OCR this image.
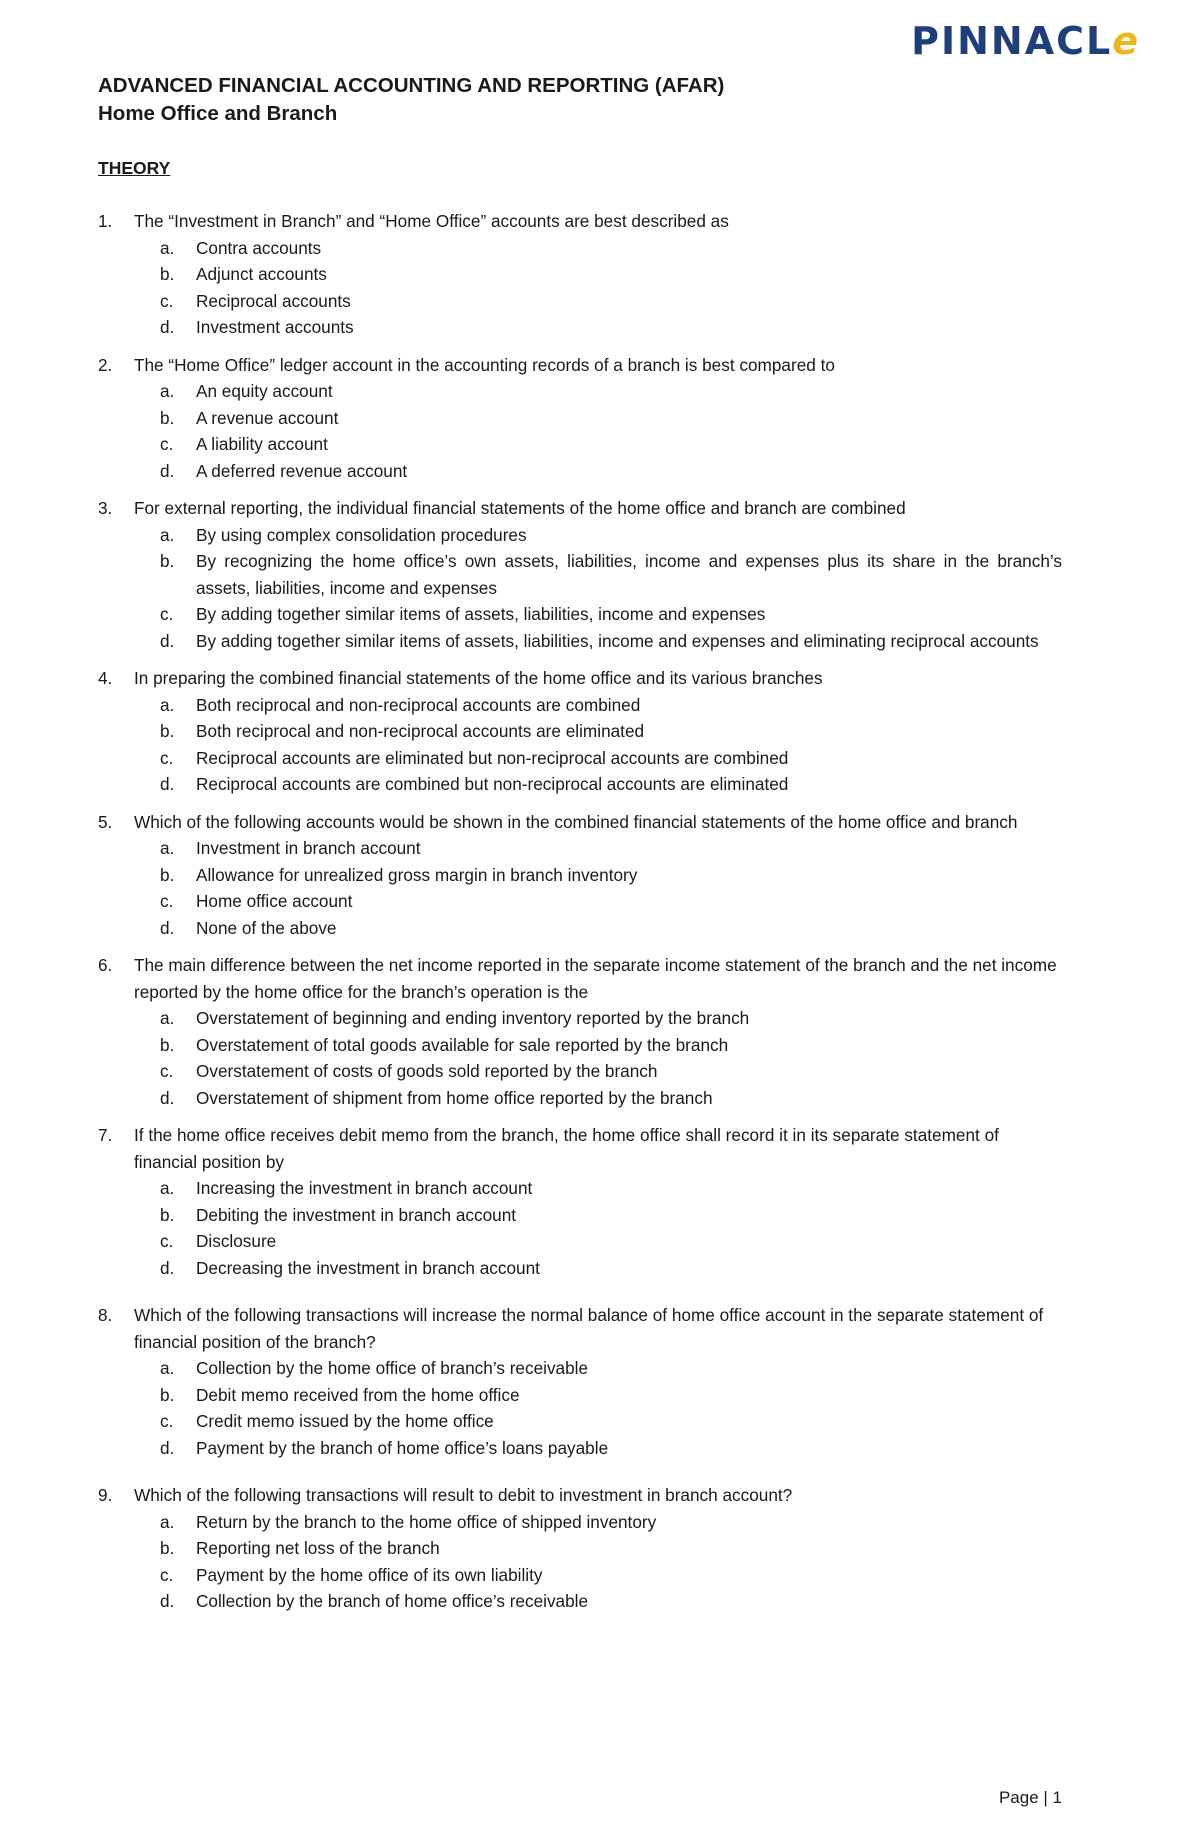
PINNACLe
ADVANCED FINANCIAL ACCOUNTING AND REPORTING (AFAR)
Home Office and Branch
THEORY
1.	The “Investment in Branch” and “Home Office” accounts are best described as
a.	Contra accounts
b.	Adjunct accounts
c.	Reciprocal accounts
d.	Investment accounts
2.	The “Home Office” ledger account in the accounting records of a branch is best compared to
a.	An equity account
b.	A revenue account
c.	A liability account
d.	A deferred revenue account
3.	For external reporting, the individual financial statements of the home office and branch are combined
a.	By using complex consolidation procedures
b.	By recognizing the home office’s own assets, liabilities, income and expenses plus its share in the branch’s assets, liabilities, income and expenses
c.	By adding together similar items of assets, liabilities, income and expenses
d.	By adding together similar items of assets, liabilities, income and expenses and eliminating reciprocal accounts
4.	In preparing the combined financial statements of the home office and its various branches
a.	Both reciprocal and non-reciprocal accounts are combined
b.	Both reciprocal and non-reciprocal accounts are eliminated
c.	Reciprocal accounts are eliminated but non-reciprocal accounts are combined
d.	Reciprocal accounts are combined but non-reciprocal accounts are eliminated
5.	Which of the following accounts would be shown in the combined financial statements of the home office and branch
a.	Investment in branch account
b.	Allowance for unrealized gross margin in branch inventory
c.	Home office account
d.	None of the above
6.	The main difference between the net income reported in the separate income statement of the branch and the net income reported by the home office for the branch’s operation is the
a.	Overstatement of beginning and ending inventory reported by the branch
b.	Overstatement of total goods available for sale reported by the branch
c.	Overstatement of costs of goods sold reported by the branch
d.	Overstatement of shipment from home office reported by the branch
7.	If the home office receives debit memo from the branch, the home office shall record it in its separate statement of financial position by
a.	Increasing the investment in branch account
b.	Debiting the investment in branch account
c.	Disclosure
d.	Decreasing the investment in branch account
8.	Which of the following transactions will increase the normal balance of home office account in the separate statement of financial position of the branch?
a.	Collection by the home office of branch’s receivable
b.	Debit memo received from the home office
c.	Credit memo issued by the home office
d.	Payment by the branch of home office’s loans payable
9.	Which of the following transactions will result to debit to investment in branch account?
a.	Return by the branch to the home office of shipped inventory
b.	Reporting net loss of the branch
c.	Payment by the home office of its own liability
d.	Collection by the branch of home office’s receivable
Page | 1
